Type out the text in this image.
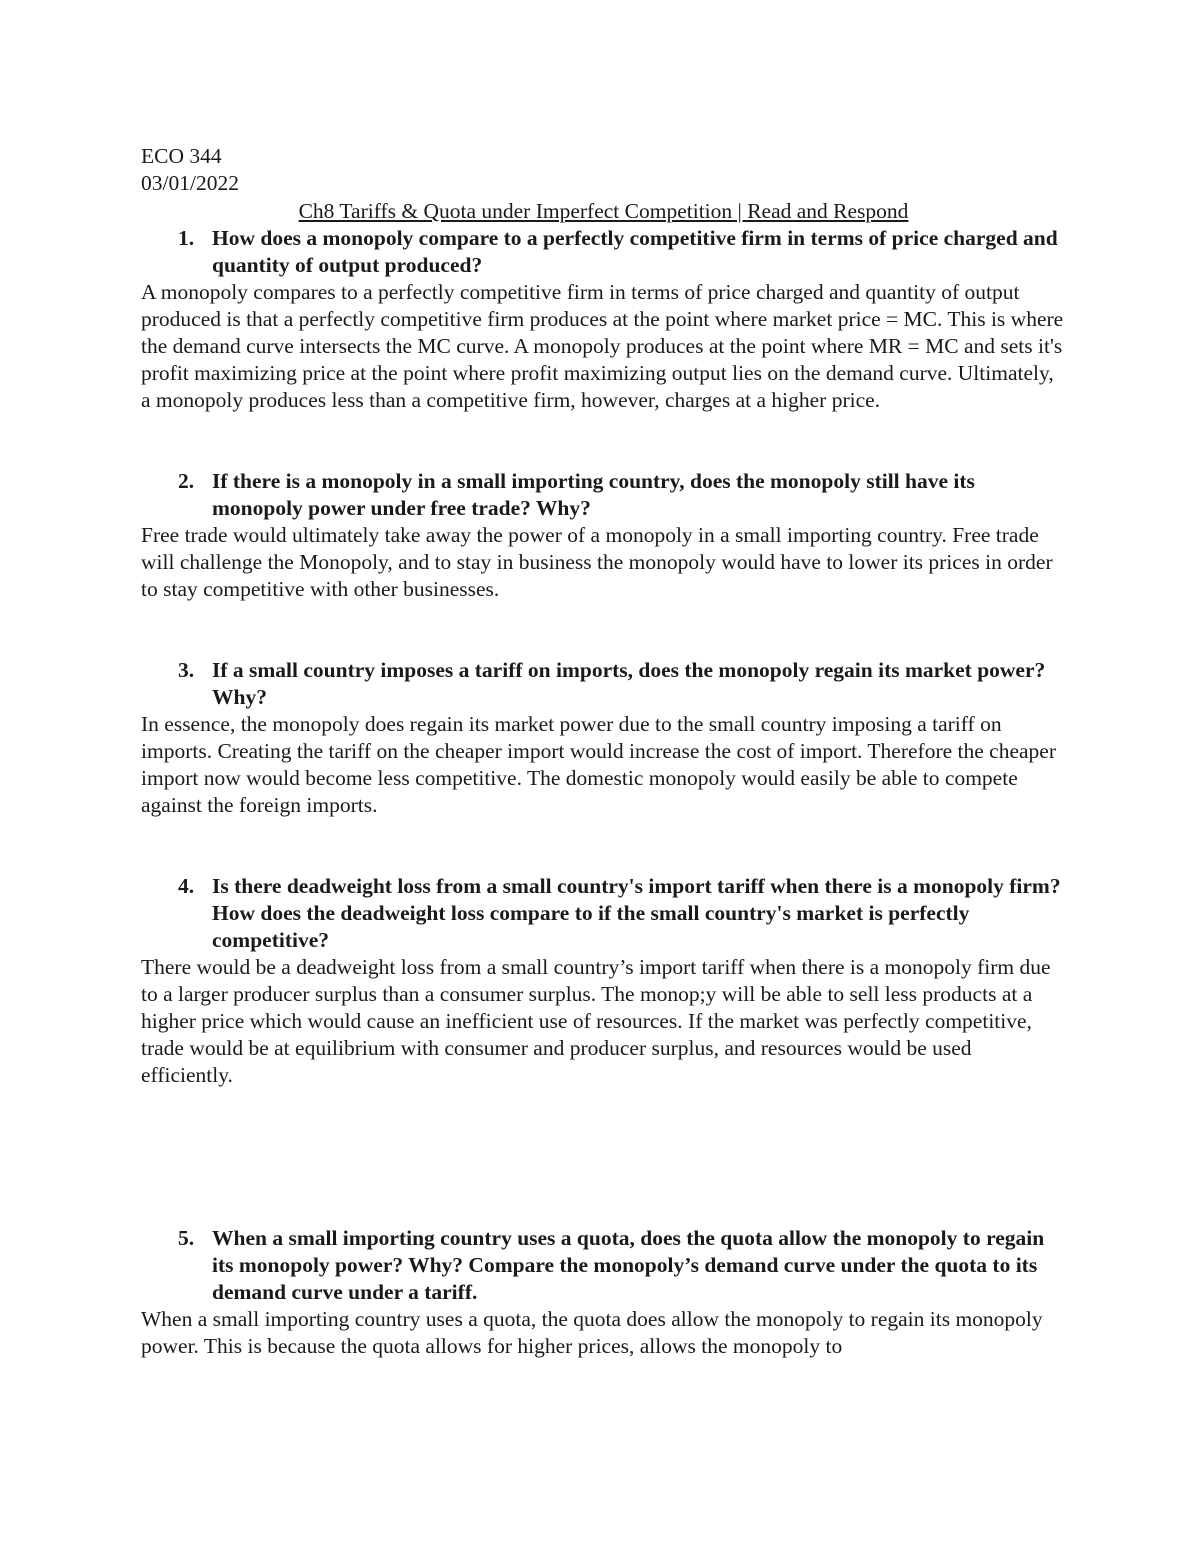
ECO 344
03/01/2022
Ch8 Tariffs & Quota under Imperfect Competition | Read and Respond
1. How does a monopoly compare to a perfectly competitive firm in terms of price charged and quantity of output produced?

A monopoly compares to a perfectly competitive firm in terms of price charged and quantity of output produced is that a perfectly competitive firm produces at the point where market price = MC. This is where the demand curve intersects the MC curve. A monopoly produces at the point where MR = MC and sets it's profit maximizing price at the point where profit maximizing output lies on the demand curve. Ultimately, a monopoly produces less than a competitive firm, however, charges at a higher price.

2. If there is a monopoly in a small importing country, does the monopoly still have its monopoly power under free trade? Why?

Free trade would ultimately take away the power of a monopoly in a small importing country. Free trade will challenge the Monopoly, and to stay in business the monopoly would have to lower its prices in order to stay competitive with other businesses.

3. If a small country imposes a tariff on imports, does the monopoly regain its market power? Why?

In essence, the monopoly does regain its market power due to the small country imposing a tariff on imports. Creating the tariff on the cheaper import would increase the cost of import. Therefore the cheaper import now would become less competitive. The domestic monopoly would easily be able to compete against the foreign imports.

4. Is there deadweight loss from a small country's import tariff when there is a monopoly firm? How does the deadweight loss compare to if the small country's market is perfectly competitive?

There would be a deadweight loss from a small country’s import tariff when there is a monopoly firm due to a larger producer surplus than a consumer surplus. The monop;y will be able to sell less products at a higher price which would cause an inefficient use of resources. If the market was perfectly competitive, trade would be at equilibrium with consumer and producer surplus, and resources would be used efficiently.

5. When a small importing country uses a quota, does the quota allow the monopoly to regain its monopoly power? Why? Compare the monopoly’s demand curve under the quota to its demand curve under a tariff.

When a small importing country uses a quota, the quota does allow the monopoly to regain its monopoly power. This is because the quota allows for higher prices, allows the monopoly to
